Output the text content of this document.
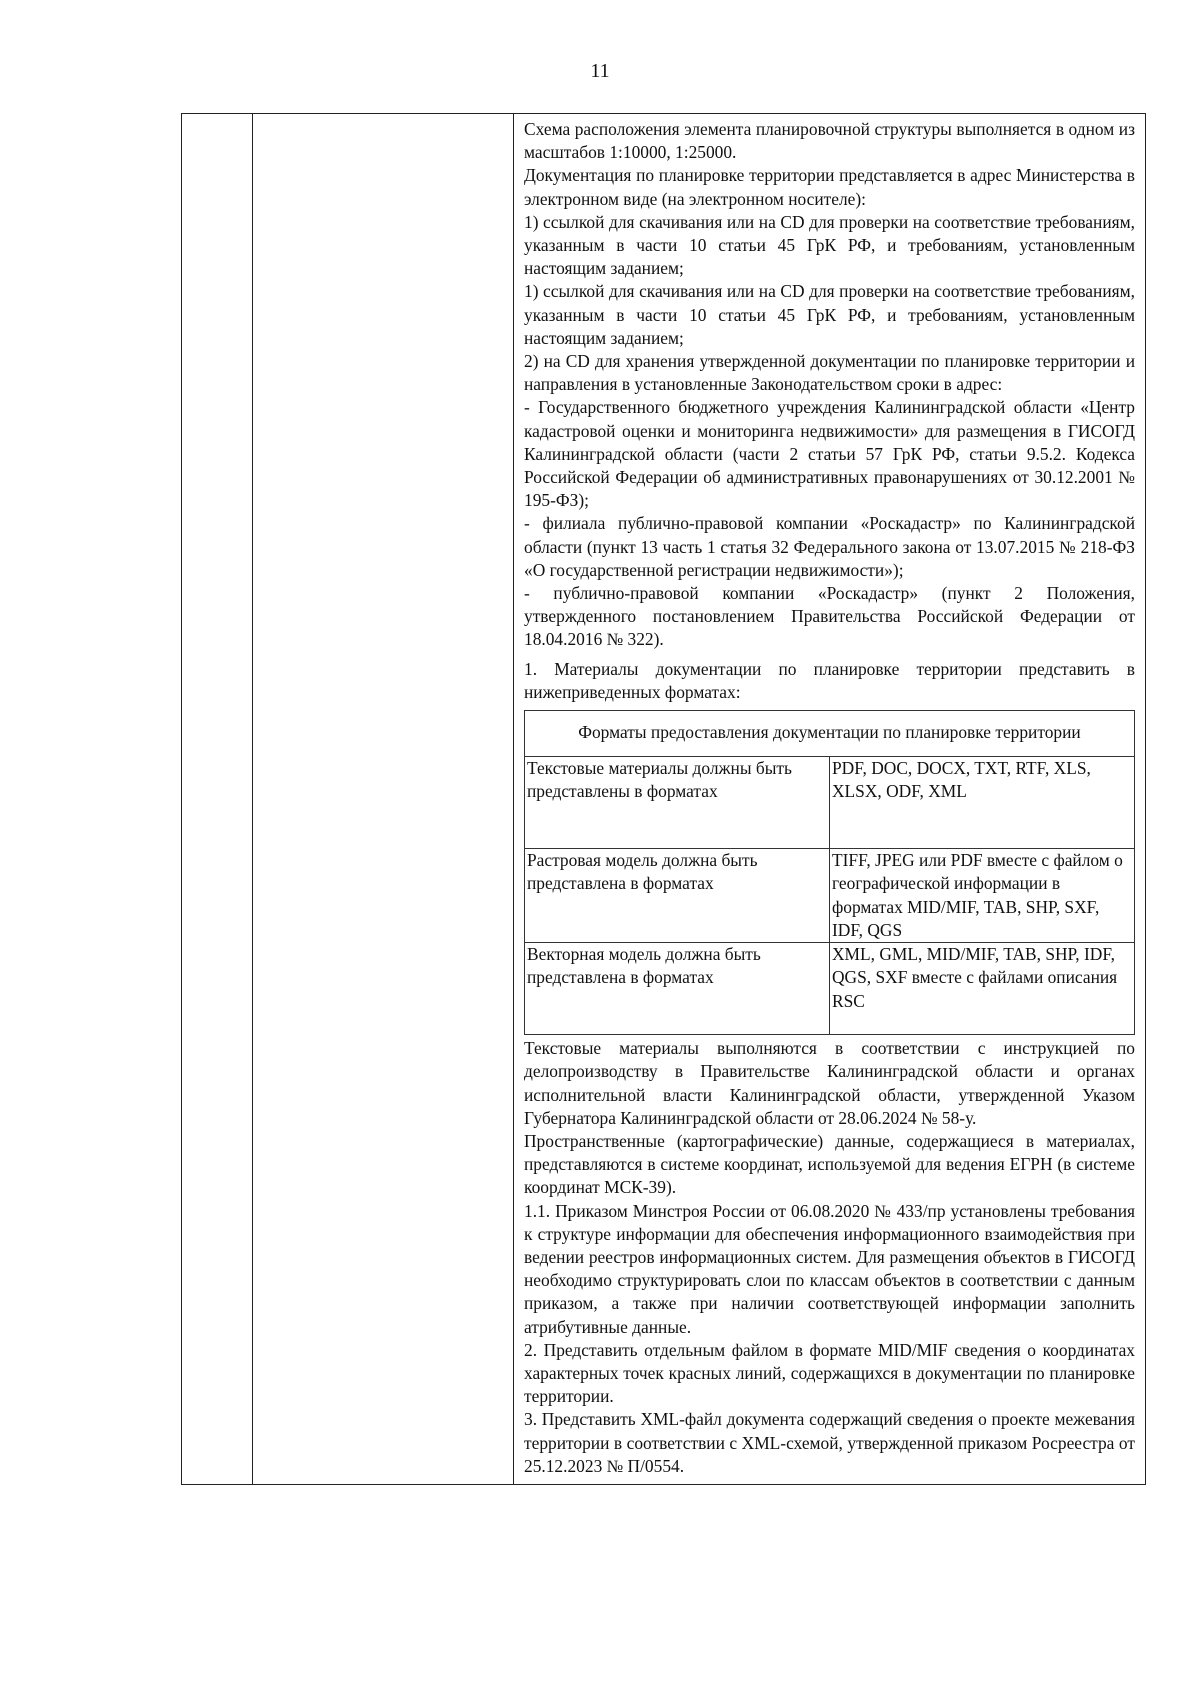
11

Схема расположения элемента планировочной структуры выполняется в одном из масштабов 1:10000, 1:25000.

Документация по планировке территории представляется в адрес Министерства в электронном виде (на электронном носителе):

1) ссылкой для скачивания или на CD для проверки на соответствие требованиям, указанным в части 10 статьи 45 ГрК РФ, и требованиям, установленным настоящим заданием;

1) ссылкой для скачивания или на CD для проверки на соответствие требованиям, указанным в части 10 статьи 45 ГрК РФ, и требованиям, установленным настоящим заданием;

2) на CD для хранения утвержденной документации по планировке территории и направления в установленные Законодательством сроки в адрес:

- Государственного бюджетного учреждения Калининградской области «Центр кадастровой оценки и мониторинга недвижимости» для размещения в ГИСОГД Калининградской области (части 2 статьи 57 ГрК РФ, статьи 9.5.2. Кодекса Российской Федерации об административных правонарушениях от 30.12.2001 № 195-ФЗ);

- филиала публично-правовой компании «Роскадастр» по Калининградской области (пункт 13 часть 1 статья 32 Федерального закона от 13.07.2015 № 218-ФЗ «О государственной регистрации недвижимости»);

- публично-правовой компании «Роскадастр» (пункт 2 Положения, утвержденного постановлением Правительства Российской Федерации от 18.04.2016 № 322).

1. Материалы документации по планировке территории представить в нижеприведенных форматах:

Форматы предоставления документации по планировке территории
Текстовые материалы должны быть представлены в форматах	PDF, DOC, DOCX, TXT, RTF, XLS, XLSX, ODF, XML
Растровая модель должна быть представлена в форматах	TIFF, JPEG или PDF вместе с файлом о географической информации в форматах MID/MIF, TAB, SHP, SXF, IDF, QGS
Векторная модель должна быть представлена в форматах	XML, GML, MID/MIF, TAB, SHP, IDF, QGS, SXF вместе с файлами описания RSC

Текстовые материалы выполняются в соответствии с инструкцией по делопроизводству в Правительстве Калининградской области и органах исполнительной власти Калининградской области, утвержденной Указом Губернатора Калининградской области от 28.06.2024 № 58-у.

Пространственные (картографические) данные, содержащиеся в материалах, представляются в системе координат, используемой для ведения ЕГРН (в системе координат МСК-39).

1.1. Приказом Минстроя России от 06.08.2020 № 433/пр установлены требования к структуре информации для обеспечения информационного взаимодействия при ведении реестров информационных систем. Для размещения объектов в ГИСОГД необходимо структурировать слои по классам объектов в соответствии с данным приказом, а также при наличии соответствующей информации заполнить атрибутивные данные.

2. Представить отдельным файлом в формате MID/MIF сведения о координатах характерных точек красных линий, содержащихся в документации по планировке территории.

3. Представить XML-файл документа содержащий сведения о проекте межевания территории в соответствии с XML-схемой, утвержденной приказом Росреестра от 25.12.2023 № П/0554.
